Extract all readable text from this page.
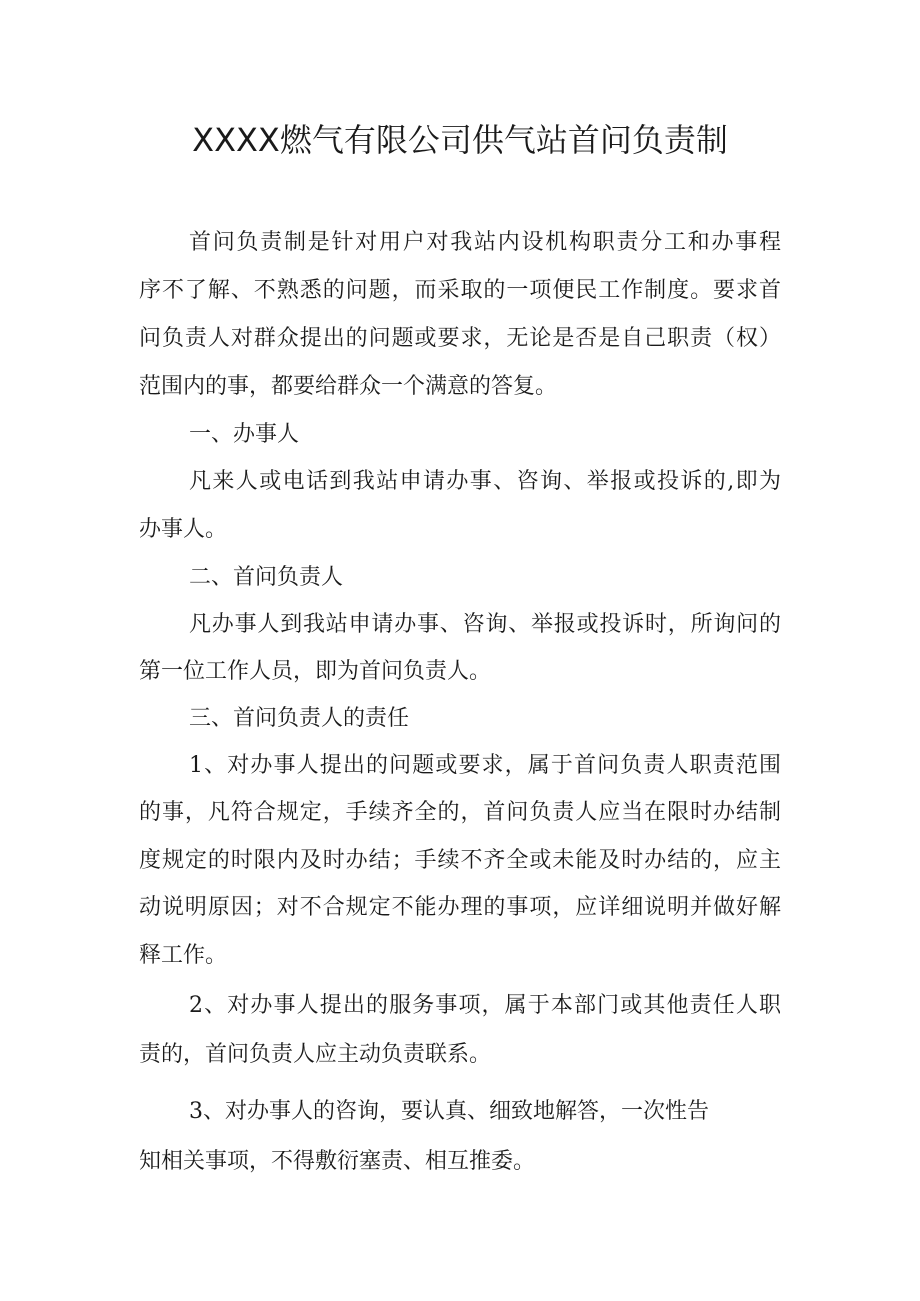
XXXX燃气有限公司供气站首问负责制

首问负责制是针对用户对我站内设机构职责分工和办事程

序不了解、不熟悉的问题，而采取的一项便民工作制度。要求首

问负责人对群众提出的问题或要求，无论是否是自己职责（权）

范围内的事，都要给群众一个满意的答复。

一、办事人

凡来人或电话到我站申请办事、咨询、举报或投诉的,即为

办事人。

二、首问负责人

凡办事人到我站申请办事、咨询、举报或投诉时，所询问的

第一位工作人员，即为首问负责人。

三、首问负责人的责任

1、对办事人提出的问题或要求，属于首问负责人职责范围

的事，凡符合规定，手续齐全的，首问负责人应当在限时办结制

度规定的时限内及时办结；手续不齐全或未能及时办结的，应主

动说明原因；对不合规定不能办理的事项，应详细说明并做好解

释工作。

2、对办事人提出的服务事项，属于本部门或其他责任人职

责的，首问负责人应主动负责联系。

3、对办事人的咨询，要认真、细致地解答，一次性告

知相关事项，不得敷衍塞责、相互推委。
